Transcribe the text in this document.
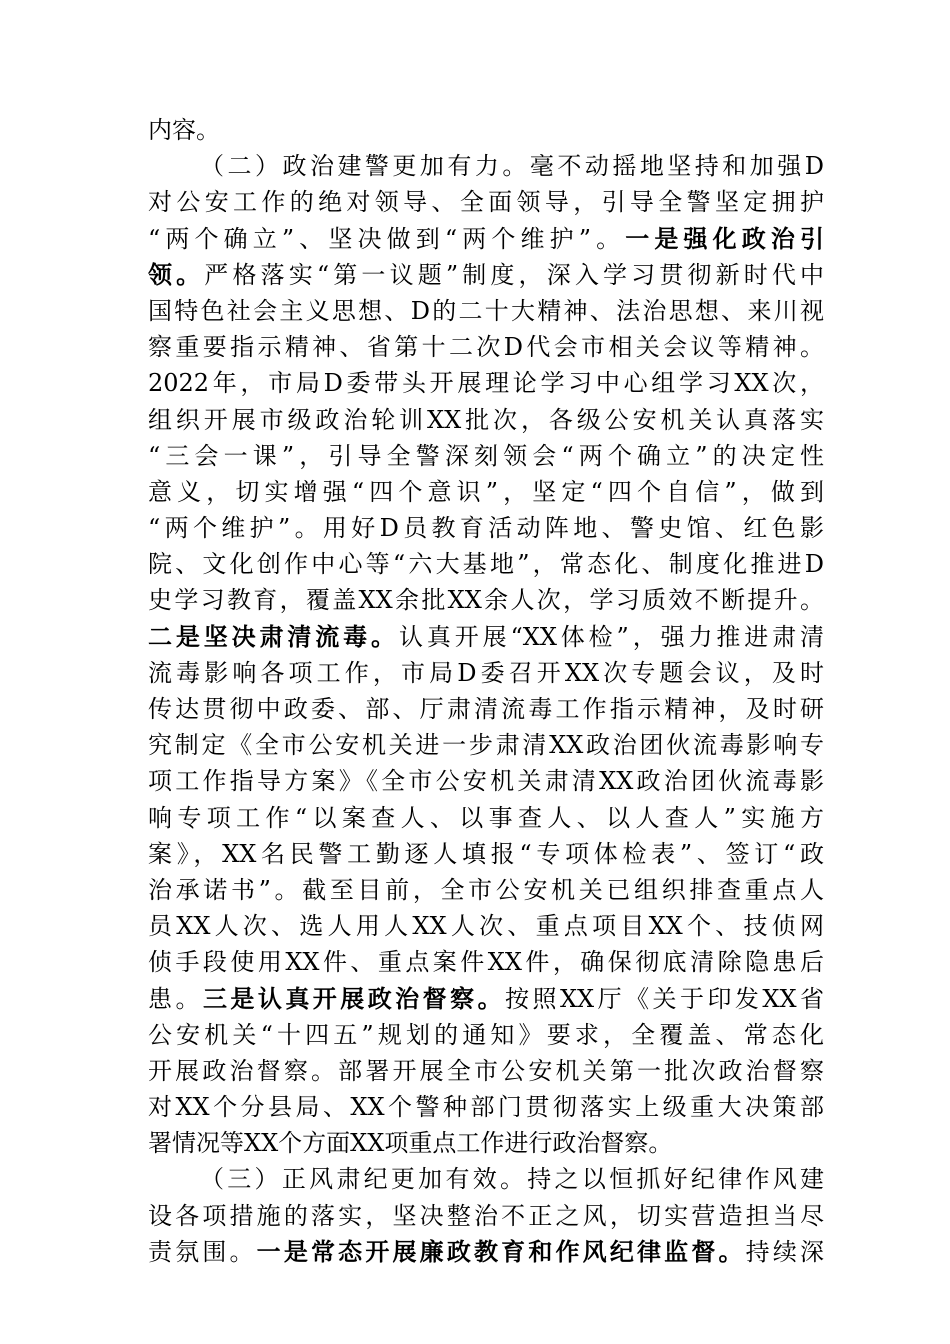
内容。
（二）政治建警更加有力。毫不动摇地坚持和加强D
对公安工作的绝对领导、全面领导，引导全警坚定拥护
“两个确立”、坚决做到“两个维护”。一是强化政治引
领。严格落实“第一议题”制度，深入学习贯彻新时代中
国特色社会主义思想、D的二十大精神、法治思想、来川视
察重要指示精神、省第十二次D代会市相关会议等精神。
2022年，市局D委带头开展理论学习中心组学习XX次，
组织开展市级政治轮训XX批次，各级公安机关认真落实
“三会一课”，引导全警深刻领会“两个确立”的决定性
意义，切实增强“四个意识”，坚定“四个自信”，做到
“两个维护”。用好D员教育活动阵地、警史馆、红色影
院、文化创作中心等“六大基地”，常态化、制度化推进D
史学习教育，覆盖XX余批XX余人次，学习质效不断提升。
二是坚决肃清流毒。认真开展“XX体检”，强力推进肃清
流毒影响各项工作，市局D委召开XX次专题会议，及时
传达贯彻中政委、部、厅肃清流毒工作指示精神，及时研
究制定《全市公安机关进一步肃清XX政治团伙流毒影响专
项工作指导方案》《全市公安机关肃清XX政治团伙流毒影
响专项工作“以案查人、以事查人、以人查人”实施方
案》，XX名民警工勤逐人填报“专项体检表”、签订“政
治承诺书”。截至目前，全市公安机关已组织排查重点人
员XX人次、选人用人XX人次、重点项目XX个、技侦网
侦手段使用XX件、重点案件XX件，确保彻底清除隐患后
患。三是认真开展政治督察。按照XX厅《关于印发XX省
公安机关“十四五”规划的通知》要求，全覆盖、常态化
开展政治督察。部署开展全市公安机关第一批次政治督察
对XX个分县局、XX个警种部门贯彻落实上级重大决策部
署情况等XX个方面XX项重点工作进行政治督察。
（三）正风肃纪更加有效。持之以恒抓好纪律作风建
设各项措施的落实，坚决整治不正之风，切实营造担当尽
责氛围。一是常态开展廉政教育和作风纪律监督。持续深
